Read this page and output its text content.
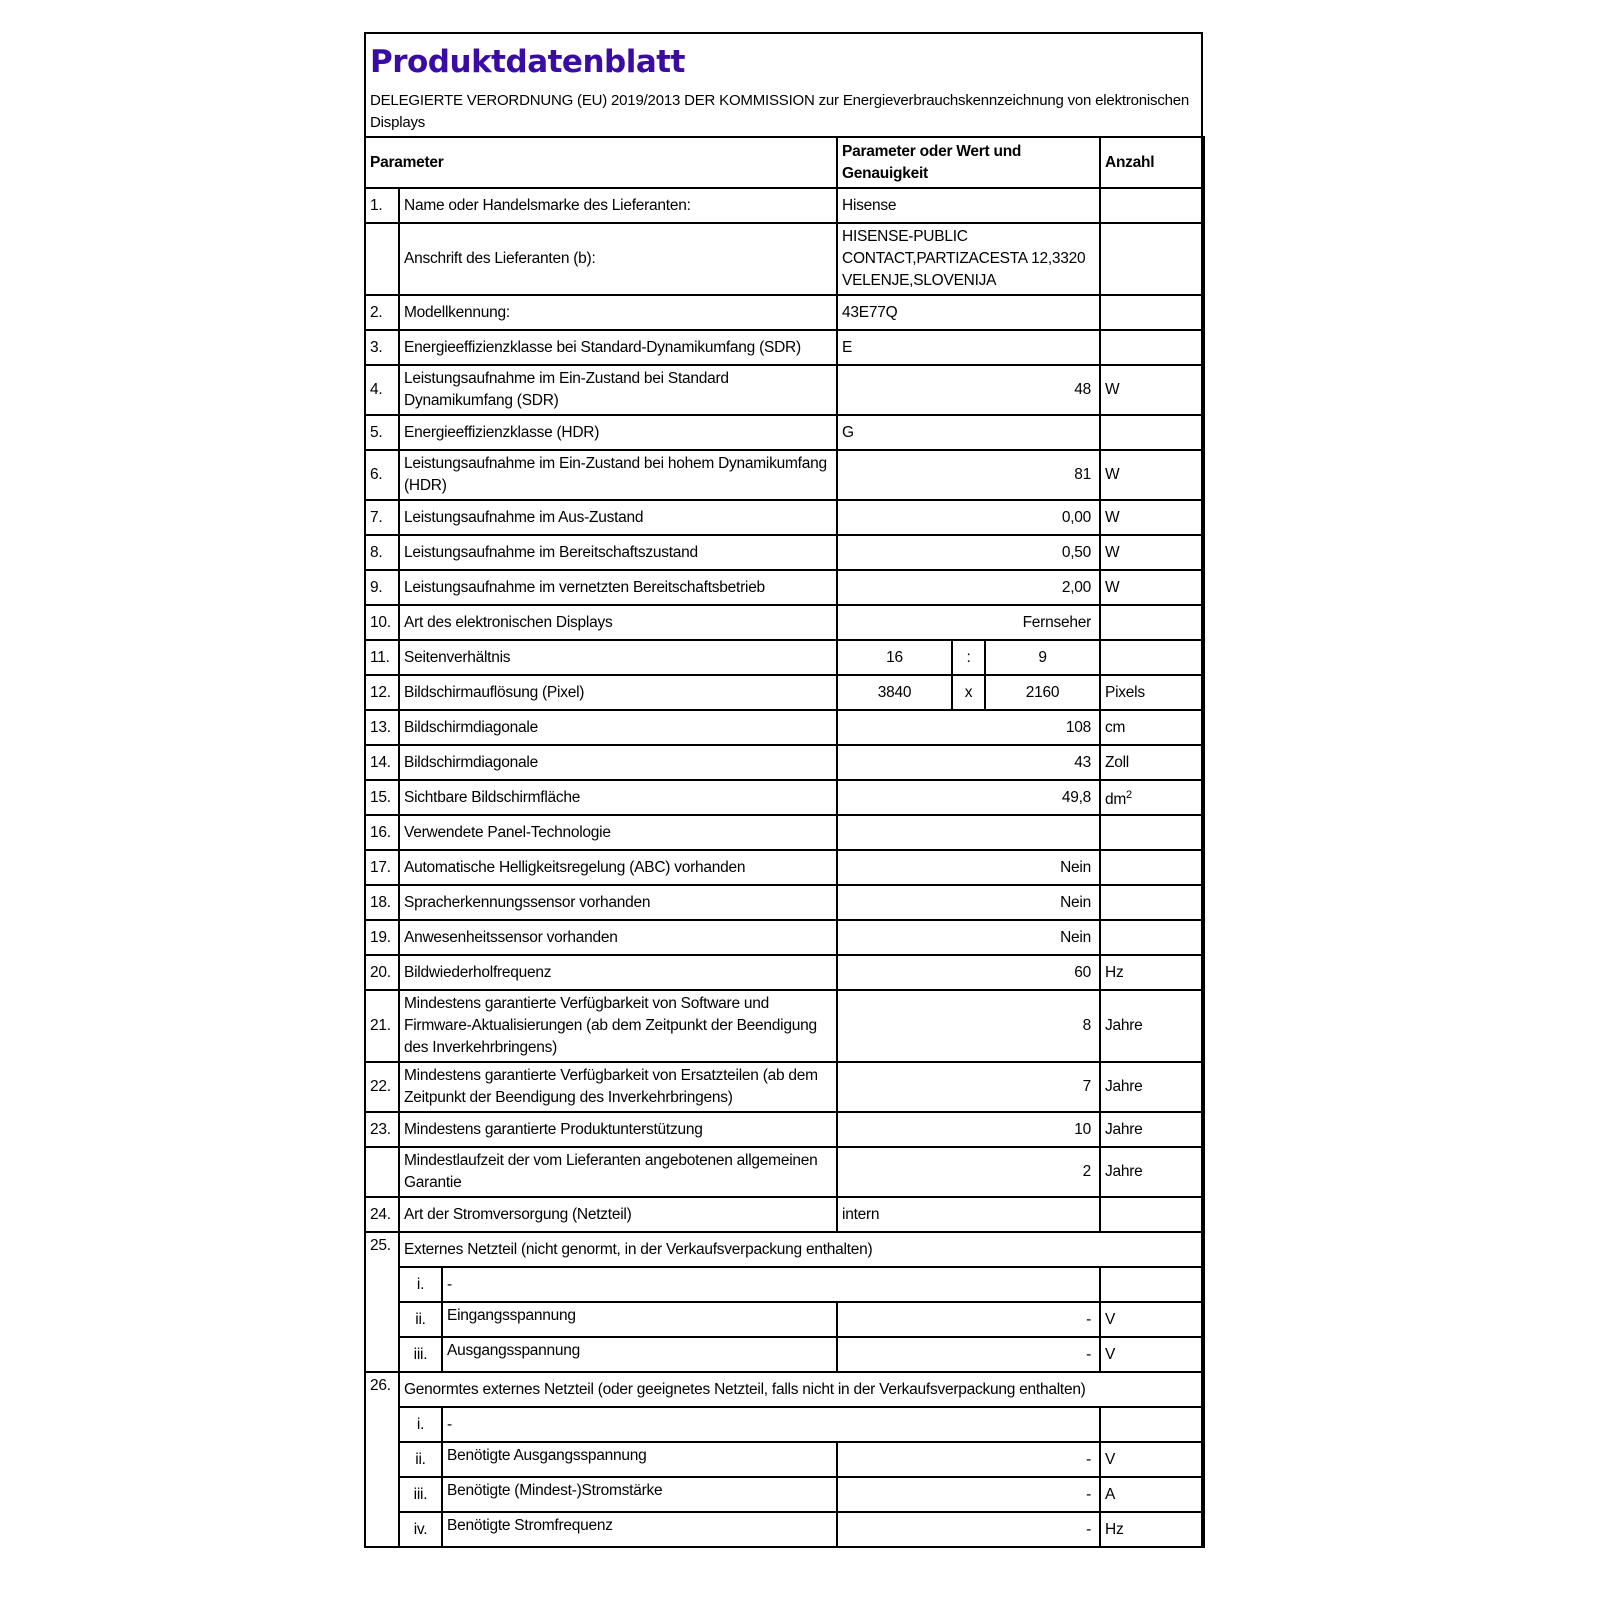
Produktdatenblatt
DELEGIERTE VERORDNUNG (EU) 2019/2013 DER KOMMISSION zur Energieverbrauchskennzeichnung von elektronischen Displays
Parameter			Parameter oder Wert und Genauigkeit			Anzahl
1.	Name oder Handelsmarke des Lieferanten:		Hisense			
	Anschrift des Lieferanten (b):		HISENSE-PUBLIC CONTACT,PARTIZACESTA 12,3320 VELENJE,SLOVENIJA			
2.	Modellkennung:		43E77Q			
3.	Energieeffizienzklasse bei Standard-Dynamikumfang (SDR)		E			
4.	Leistungsaufnahme im Ein-Zustand bei Standard Dynamikumfang (SDR)		48			W
5.	Energieeffizienzklasse (HDR)		G			
6.	Leistungsaufnahme im Ein-Zustand bei hohem Dynamikumfang (HDR)		81			W
7.	Leistungsaufnahme im Aus-Zustand		0,00			W
8.	Leistungsaufnahme im Bereitschaftszustand		0,50			W
9.	Leistungsaufnahme im vernetzten Bereitschaftsbetrieb		2,00			W
10.	Art des elektronischen Displays		Fernseher			
11.	Seitenverhältnis		16	:	9	
12.	Bildschirmauflösung (Pixel)		3840	x	2160	Pixels
13.	Bildschirmdiagonale		108			cm
14.	Bildschirmdiagonale		43			Zoll
15.	Sichtbare Bildschirmfläche		49,8			$dm^2$
16.	Verwendete Panel-Technologie					
17.	Automatische Helligkeitsregelung (ABC) vorhanden		Nein			
18.	Spracherkennungssensor vorhanden		Nein			
19.	Anwesenheitssensor vorhanden		Nein			
20.	Bildwiederholfrequenz		60			Hz
21.	Mindestens garantierte Verfügbarkeit von Software und Firmware-Aktualisierungen (ab dem Zeitpunkt der Beendigung des Inverkehrbringens)		8			Jahre
22.	Mindestens garantierte Verfügbarkeit von Ersatzteilen (ab dem Zeitpunkt der Beendigung des Inverkehrbringens)		7			Jahre
23.	Mindestens garantierte Produktunterstützung		10			Jahre
	Mindestlaufzeit der vom Lieferanten angebotenen allgemeinen Garantie		2			Jahre
24.	Art der Stromversorgung (Netzteil)		intern			
25.	Externes Netzteil (nicht genormt, in der Verkaufsverpackung enthalten)					
	i.	-				
	ii.	Eingangsspannung	-			V
	iii.	Ausgangsspannung	-			V
26.	Genormtes externes Netzteil (oder geeignetes Netzteil, falls nicht in der Verkaufsverpackung enthalten)					
	i.	-				
	ii.	Benötigte Ausgangsspannung	-			V
	iii.	Benötigte (Mindest-)Stromstärke	-			A
	iv.	Benötigte Stromfrequenz	-			Hz
